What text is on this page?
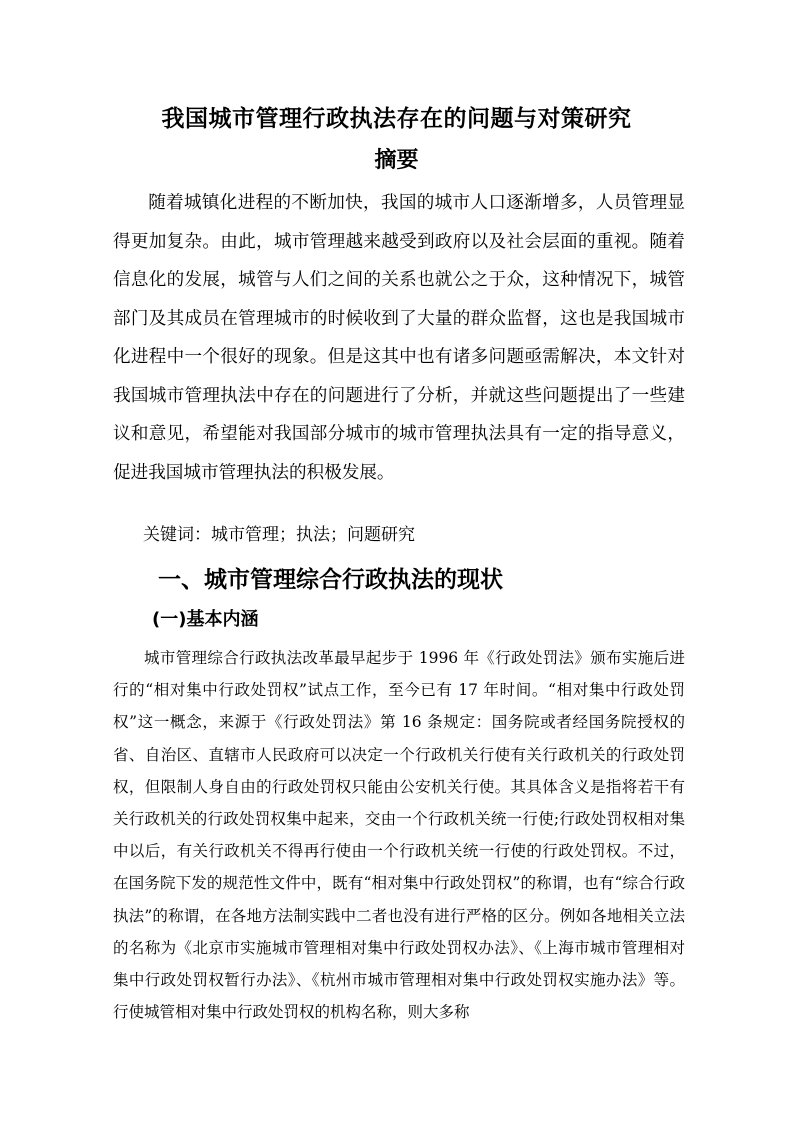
我国城市管理行政执法存在的问题与对策研究
摘要

随着城镇化进程的不断加快，我国的城市人口逐渐增多，人员管理显得更加复杂。由此，城市管理越来越受到政府以及社会层面的重视。随着信息化的发展，城管与人们之间的关系也就公之于众，这种情况下，城管部门及其成员在管理城市的时候收到了大量的群众监督，这也是我国城市化进程中一个很好的现象。但是这其中也有诸多问题亟需解决，本文针对我国城市管理执法中存在的问题进行了分析，并就这些问题提出了一些建议和意见，希望能对我国部分城市的城市管理执法具有一定的指导意义，促进我国城市管理执法的积极发展。

关键词：城市管理；执法；问题研究
一、城市管理综合行政执法的现状
(一)基本内涵

城市管理综合行政执法改革最早起步于 1996 年《行政处罚法》颁布实施后进行的“相对集中行政处罚权”试点工作，至今已有 17 年时间。“相对集中行政处罚权”这一概念，来源于《行政处罚法》第 16 条规定：国务院或者经国务院授权的省、自治区、直辖市人民政府可以决定一个行政机关行使有关行政机关的行政处罚权，但限制人身自由的行政处罚权只能由公安机关行使。其具体含义是指将若干有关行政机关的行政处罚权集中起来，交由一个行政机关统一行使;行政处罚权相对集中以后，有关行政机关不得再行使由一个行政机关统一行使的行政处罚权。不过，在国务院下发的规范性文件中，既有“相对集中行政处罚权”的称谓，也有“综合行政执法”的称谓，在各地方法制实践中二者也没有进行严格的区分。例如各地相关立法的名称为《北京市实施城市管理相对集中行政处罚权办法》、《上海市城市管理相对集中行政处罚权暂行办法》、《杭州市城市管理相对集中行政处罚权实施办法》等。行使城管相对集中行政处罚权的机构名称，则大多称
